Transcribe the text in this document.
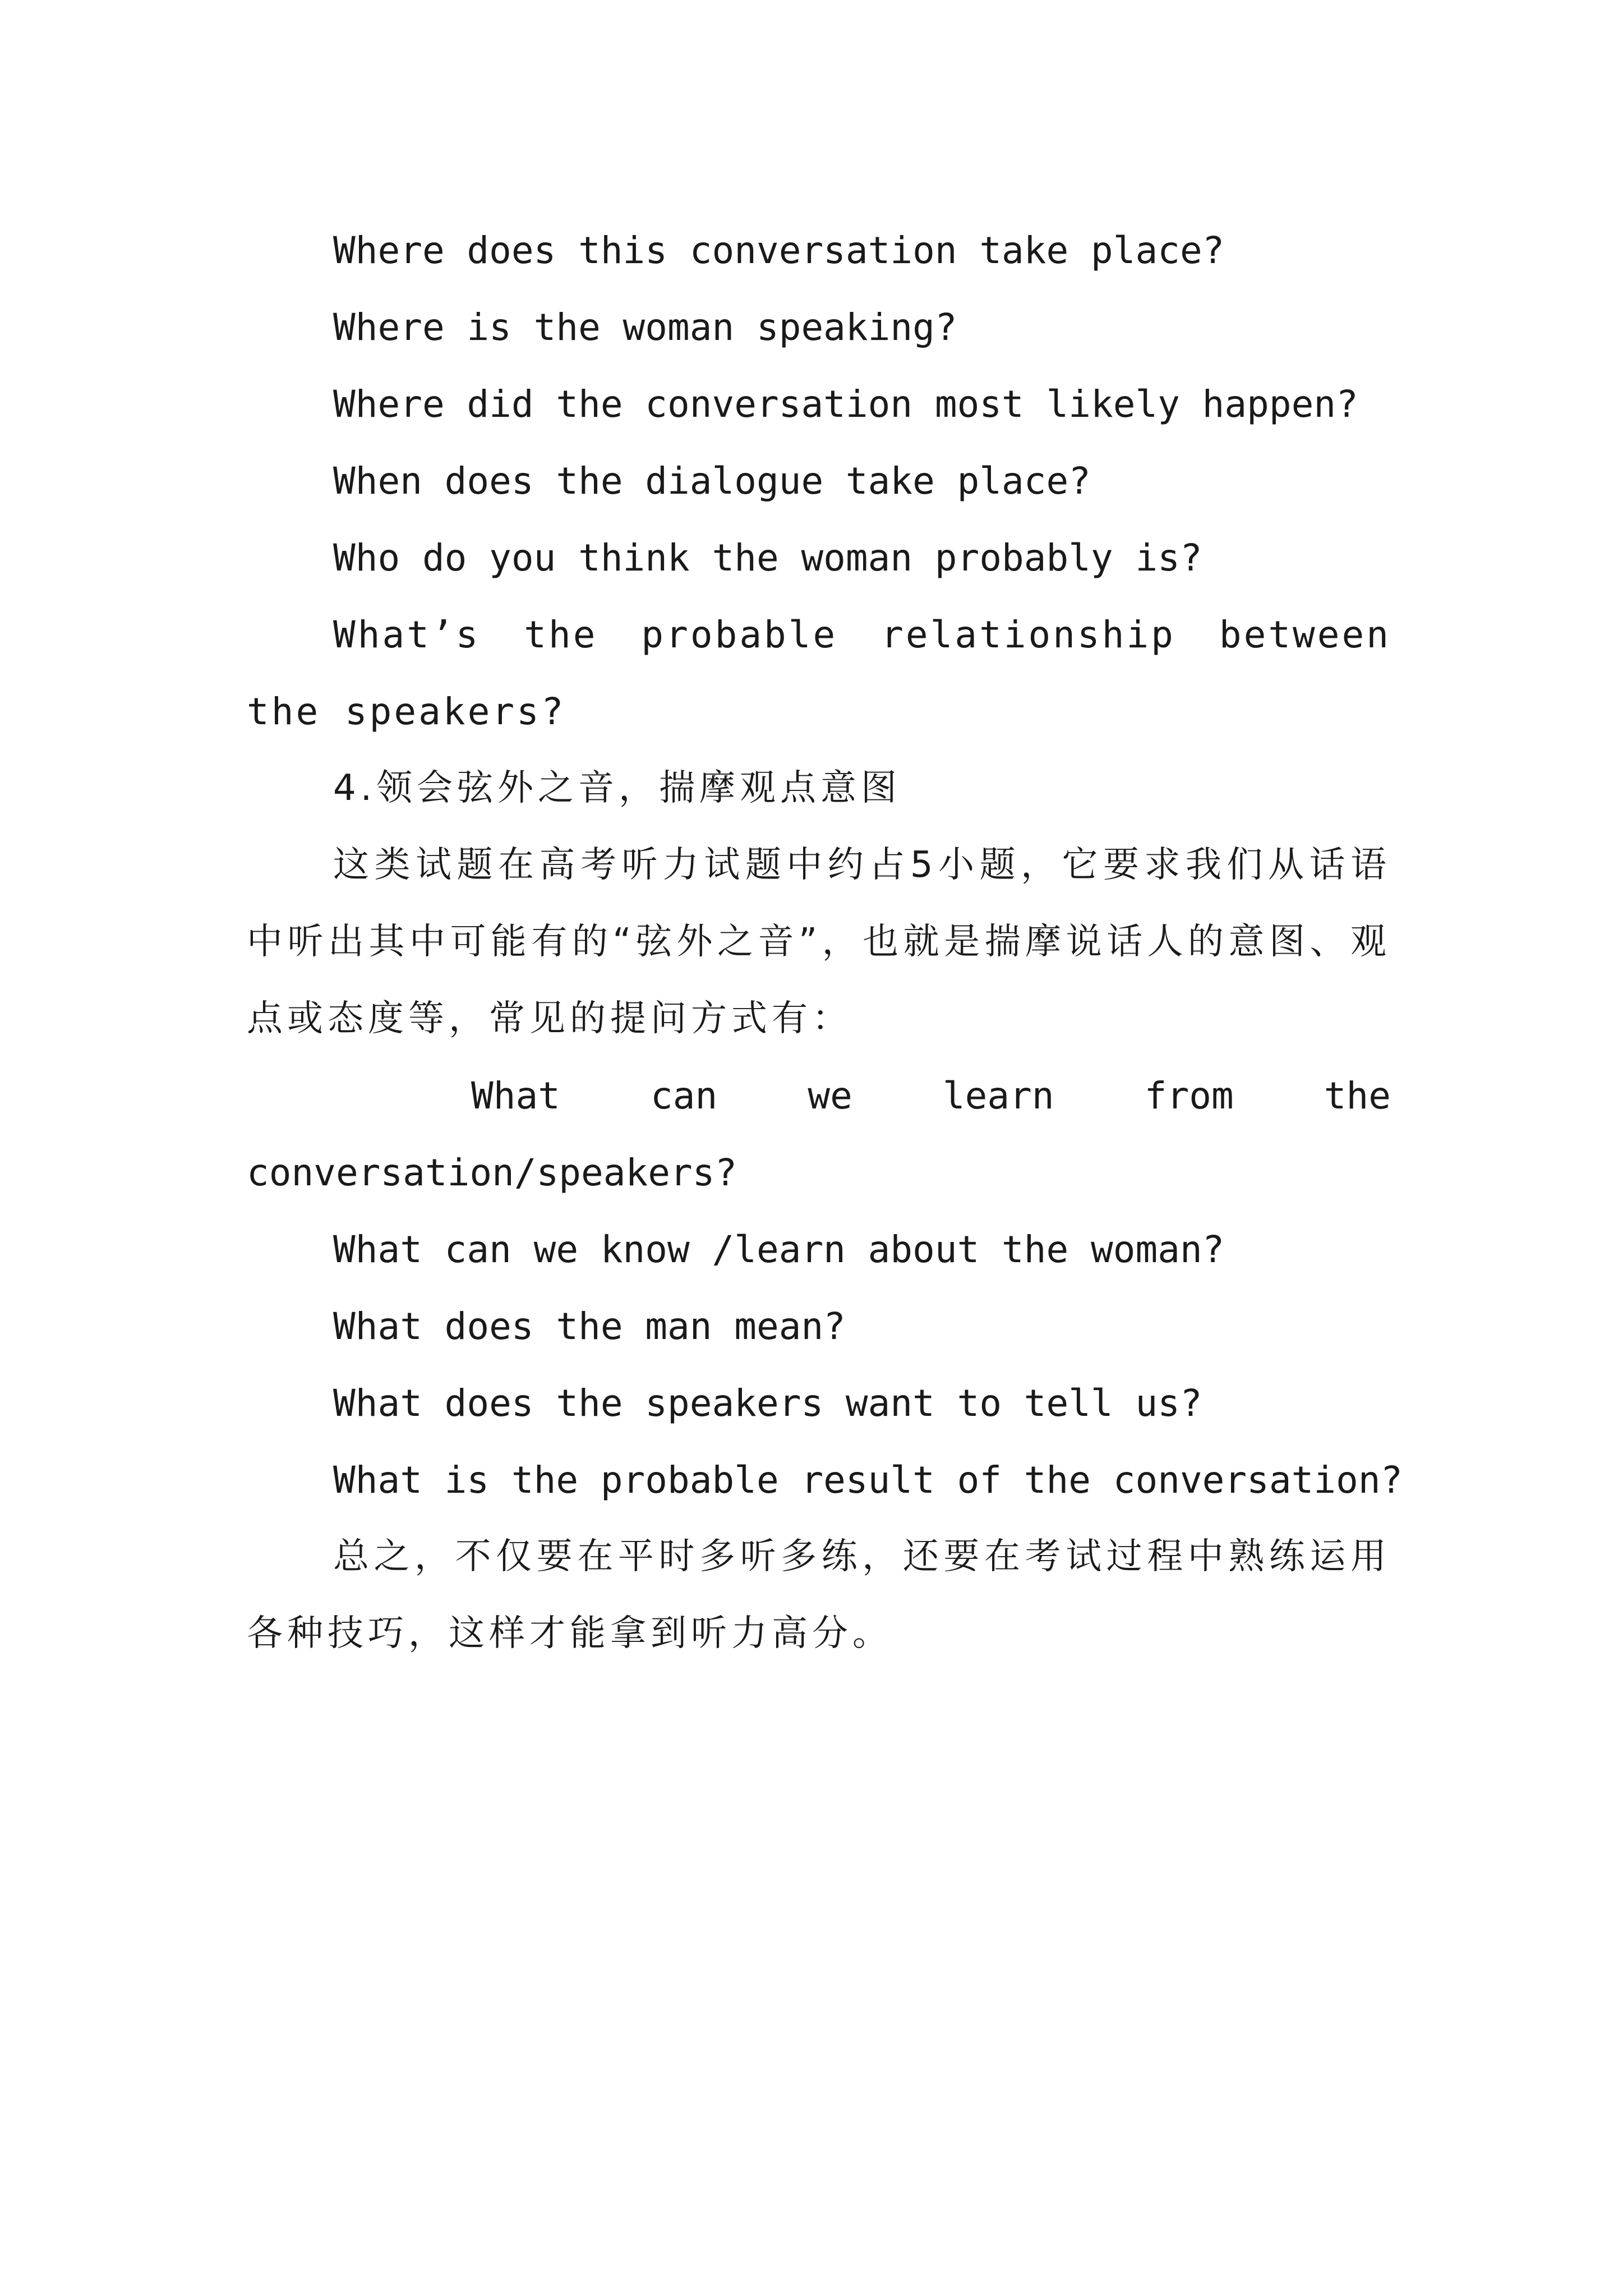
Where does this conversation take place?

Where is the woman speaking?

Where did the conversation most likely happen?

When does the dialogue take place?

Who do you think the woman probably is?

What’s the probable relationship between the speakers?

4.领会弦外之音，揣摩观点意图

这类试题在高考听力试题中约占5小题，它要求我们从话语中听出其中可能有的“弦外之音”，也就是揣摩说话人的意图、观点或态度等，常见的提问方式有：

What can we learn from the conversation/speakers?

What can we know /learn about the woman?

What does the man mean?

What does the speakers want to tell us?

What is the probable result of the conversation?

总之，不仅要在平时多听多练，还要在考试过程中熟练运用各种技巧，这样才能拿到听力高分。
